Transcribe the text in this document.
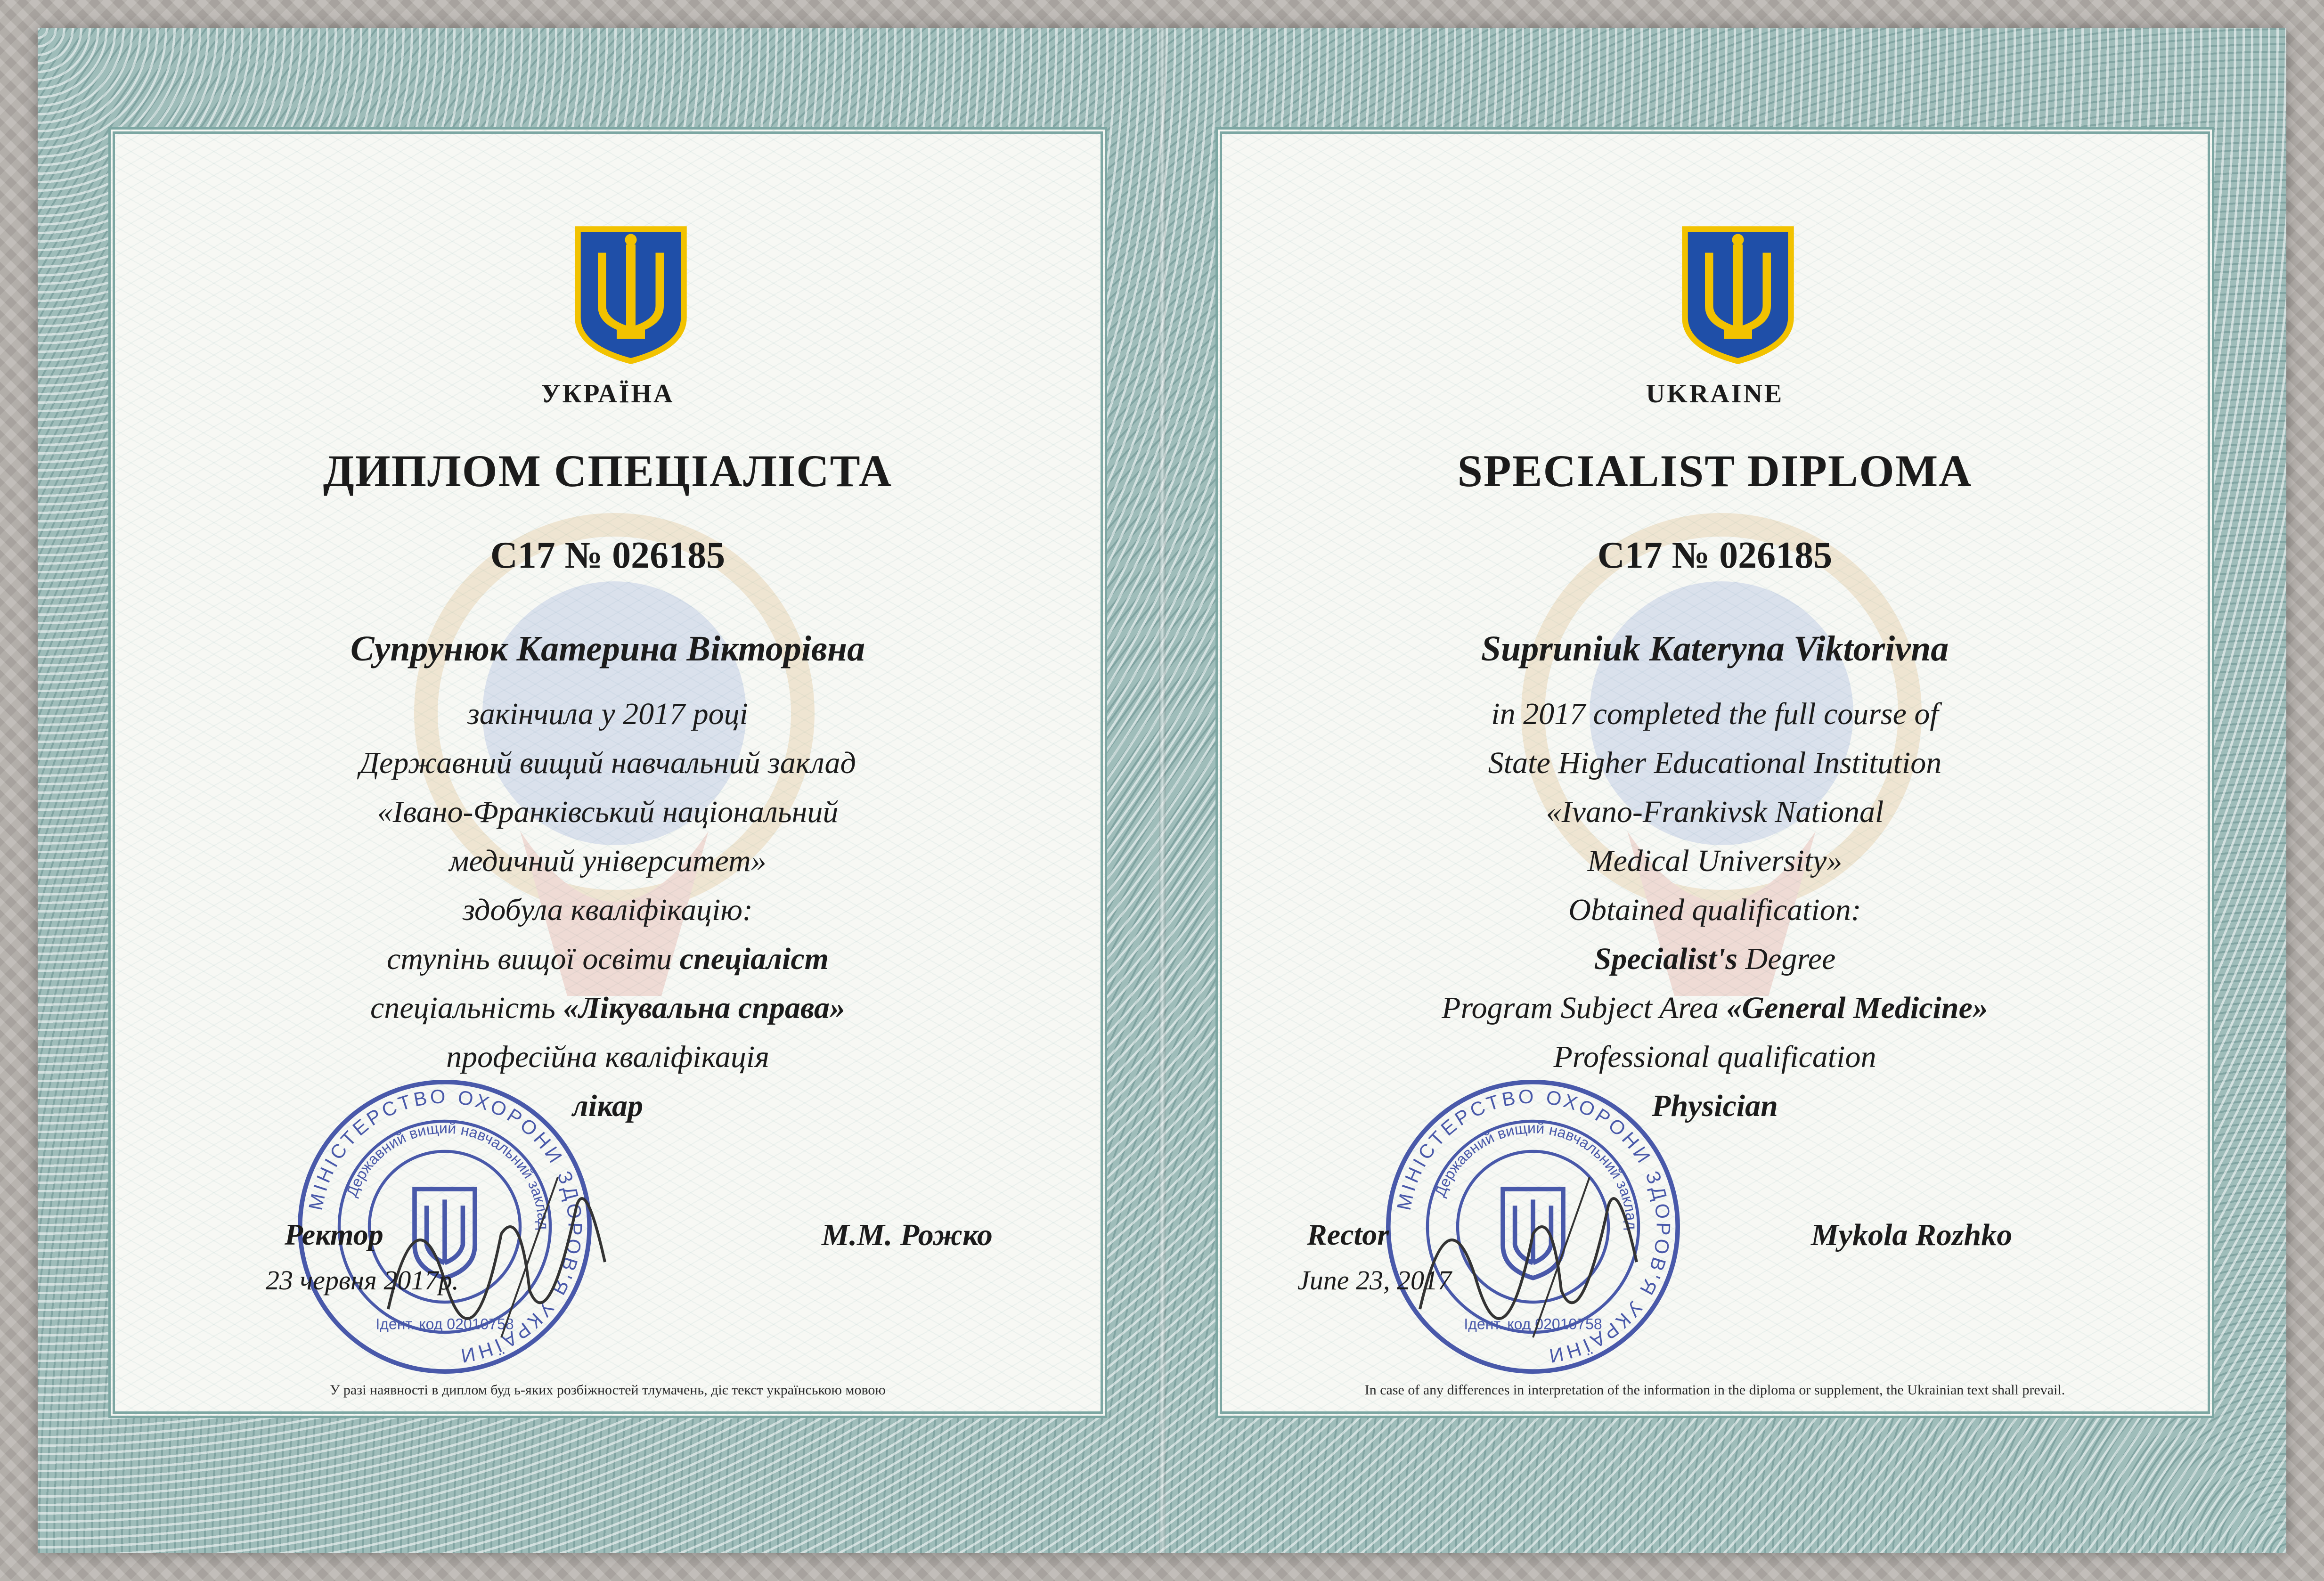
УКРАЇНА
ДИПЛОМ СПЕЦІАЛІСТА
С17 № 026185
Супрунюк Катерина Вікторівна
закінчила у 2017 році
Державний вищий навчальний заклад
«Івано-Франківський національний
медичний університет»
здобула кваліфікацію:
ступінь вищої освіти спеціаліст
спеціальність «Лікувальна справа»
професійна кваліфікація
лікар
МІНІСТЕРСТВО ОХОРОНИ ЗДОРОВ'Я УКРАЇНИ
Державний вищий навчальний заклад
Ідент. код 02010758
Ректор
23 червня 2017р.
М.М. Рожко
У разі наявності в диплом буд ь-яких розбіжностей тлумачень, діє текст українською мовою
UKRAINE
SPECIALIST DIPLOMA
C17 № 026185
Supruniuk Kateryna Viktorivna
in 2017 completed the full course of
State Higher Educational Institution
«Ivano-Frankivsk National
Medical University»
Obtained qualification:
Specialist's Degree
Program Subject Area «General Medicine»
Professional qualification
Physician
МІНІСТЕРСТВО ОХОРОНИ ЗДОРОВ'Я УКРАЇНИ
Державний вищий навчальний заклад
Ідент. код 02010758
Rector
June 23, 2017
Mykola Rozhko
In case of any differences in interpretation of the information in the diploma or supplement, the Ukrainian text shall prevail.
